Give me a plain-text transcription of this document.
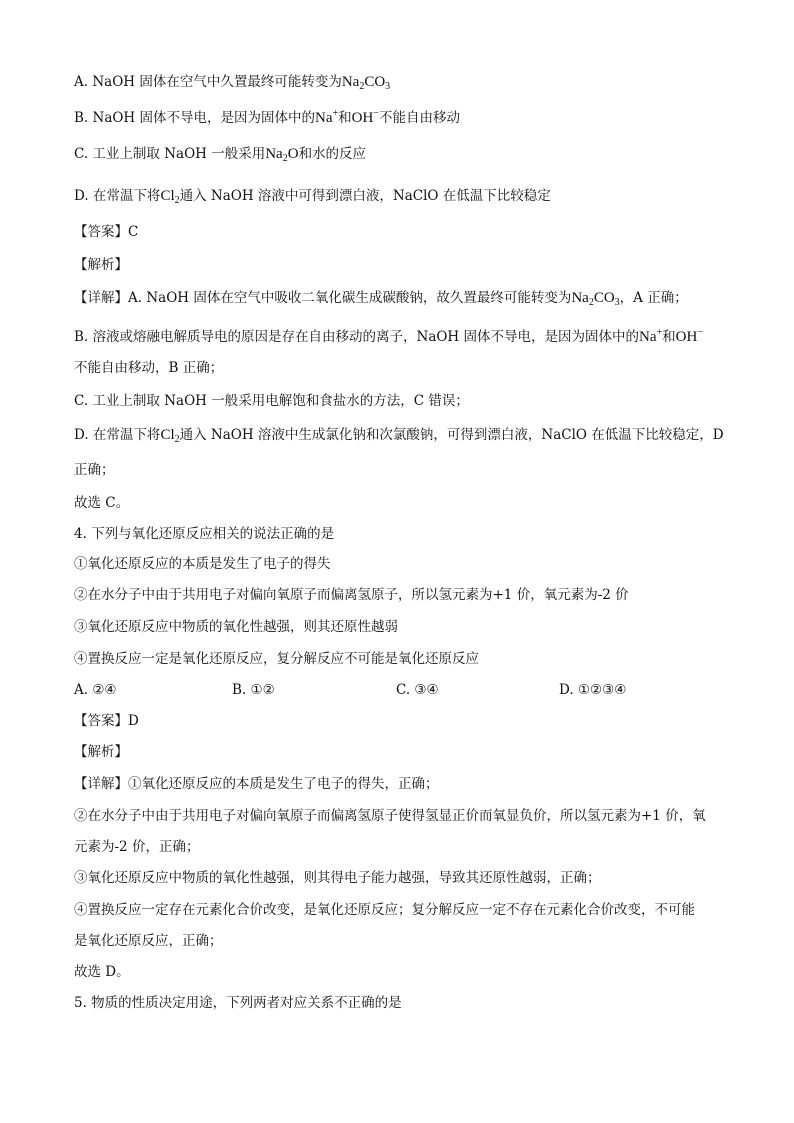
A. NaOH 固体在空气中久置最终可能转变为$Na_2CO_3$
B. NaOH 固体不导电，是因为固体中的Na+和OH−不能自由移动
C. 工业上制取 NaOH 一般采用$Na_2O$和水的反应
D. 在常温下将$Cl_2$通入 NaOH 溶液中可得到漂白液，NaClO 在低温下比较稳定
【答案】C
【解析】
【详解】A. NaOH 固体在空气中吸收二氧化碳生成碳酸钠，故久置最终可能转变为$Na_2CO_3$，A 正确；
B. 溶液或熔融电解质导电的原因是存在自由移动的离子，NaOH 固体不导电，是因为固体中的Na+和OH−
不能自由移动，B 正确；
C. 工业上制取 NaOH 一般采用电解饱和食盐水的方法，C 错误；
D. 在常温下将$Cl_2$通入 NaOH 溶液中生成氯化钠和次氯酸钠，可得到漂白液，NaClO 在低温下比较稳定，D
正确；
故选 C。
4. 下列与氧化还原反应相关的说法正确的是
①氧化还原反应的本质是发生了电子的得失
②在水分子中由于共用电子对偏向氧原子而偏离氢原子，所以氢元素为+1 价，氧元素为-2 价
③氧化还原反应中物质的氧化性越强，则其还原性越弱
④置换反应一定是氧化还原反应，复分解反应不可能是氧化还原反应
A. ②④	B. ①②	C. ③④	D. ①②③④
【答案】D
【解析】
【详解】①氧化还原反应的本质是发生了电子的得失，正确；
②在水分子中由于共用电子对偏向氧原子而偏离氢原子使得氢显正价而氧显负价，所以氢元素为+1 价，氧
元素为-2 价，正确；
③氧化还原反应中物质的氧化性越强，则其得电子能力越强，导致其还原性越弱，正确；
④置换反应一定存在元素化合价改变，是氧化还原反应；复分解反应一定不存在元素化合价改变，不可能
是氧化还原反应，正确；
故选 D。
5. 物质的性质决定用途，下列两者对应关系不正确的是
